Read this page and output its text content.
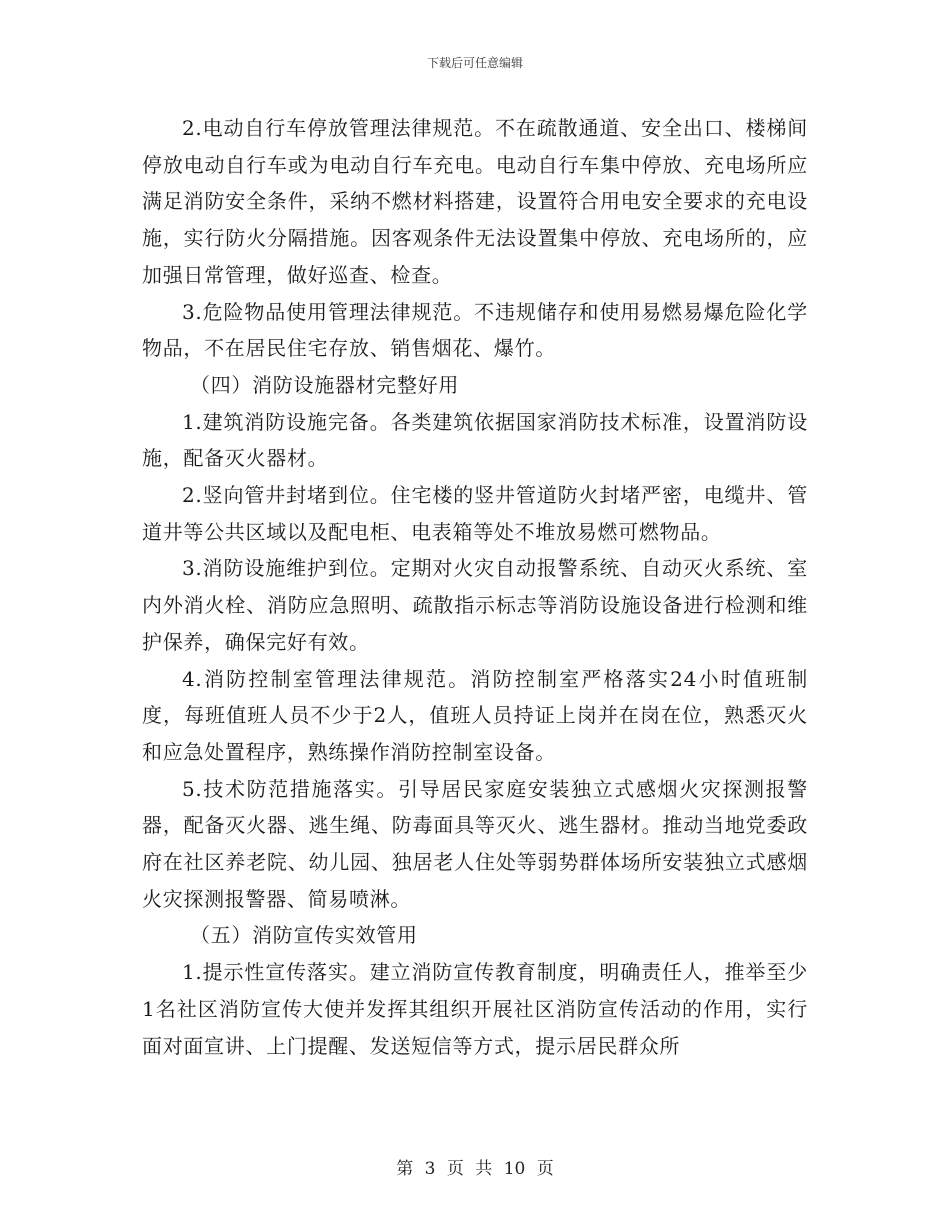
下载后可任意编辑

2.电动自行车停放管理法律规范。不在疏散通道、安全出口、楼梯间停放电动自行车或为电动自行车充电。电动自行车集中停放、充电场所应满足消防安全条件，采纳不燃材料搭建，设置符合用电安全要求的充电设施，实行防火分隔措施。因客观条件无法设置集中停放、充电场所的，应加强日常管理，做好巡查、检查。

3.危险物品使用管理法律规范。不违规储存和使用易燃易爆危险化学物品，不在居民住宅存放、销售烟花、爆竹。

（四）消防设施器材完整好用

1.建筑消防设施完备。各类建筑依据国家消防技术标准，设置消防设施，配备灭火器材。

2.竖向管井封堵到位。住宅楼的竖井管道防火封堵严密，电缆井、管道井等公共区域以及配电柜、电表箱等处不堆放易燃可燃物品。

3.消防设施维护到位。定期对火灾自动报警系统、自动灭火系统、室内外消火栓、消防应急照明、疏散指示标志等消防设施设备进行检测和维护保养，确保完好有效。

4.消防控制室管理法律规范。消防控制室严格落实24小时值班制度，每班值班人员不少于2人，值班人员持证上岗并在岗在位，熟悉灭火和应急处置程序，熟练操作消防控制室设备。

5.技术防范措施落实。引导居民家庭安装独立式感烟火灾探测报警器，配备灭火器、逃生绳、防毒面具等灭火、逃生器材。推动当地党委政府在社区养老院、幼儿园、独居老人住处等弱势群体场所安装独立式感烟火灾探测报警器、简易喷淋。

（五）消防宣传实效管用

1.提示性宣传落实。建立消防宣传教育制度，明确责任人，推举至少1名社区消防宣传大使并发挥其组织开展社区消防宣传活动的作用，实行面对面宣讲、上门提醒、发送短信等方式，提示居民群众所

第 3 页 共 10 页
